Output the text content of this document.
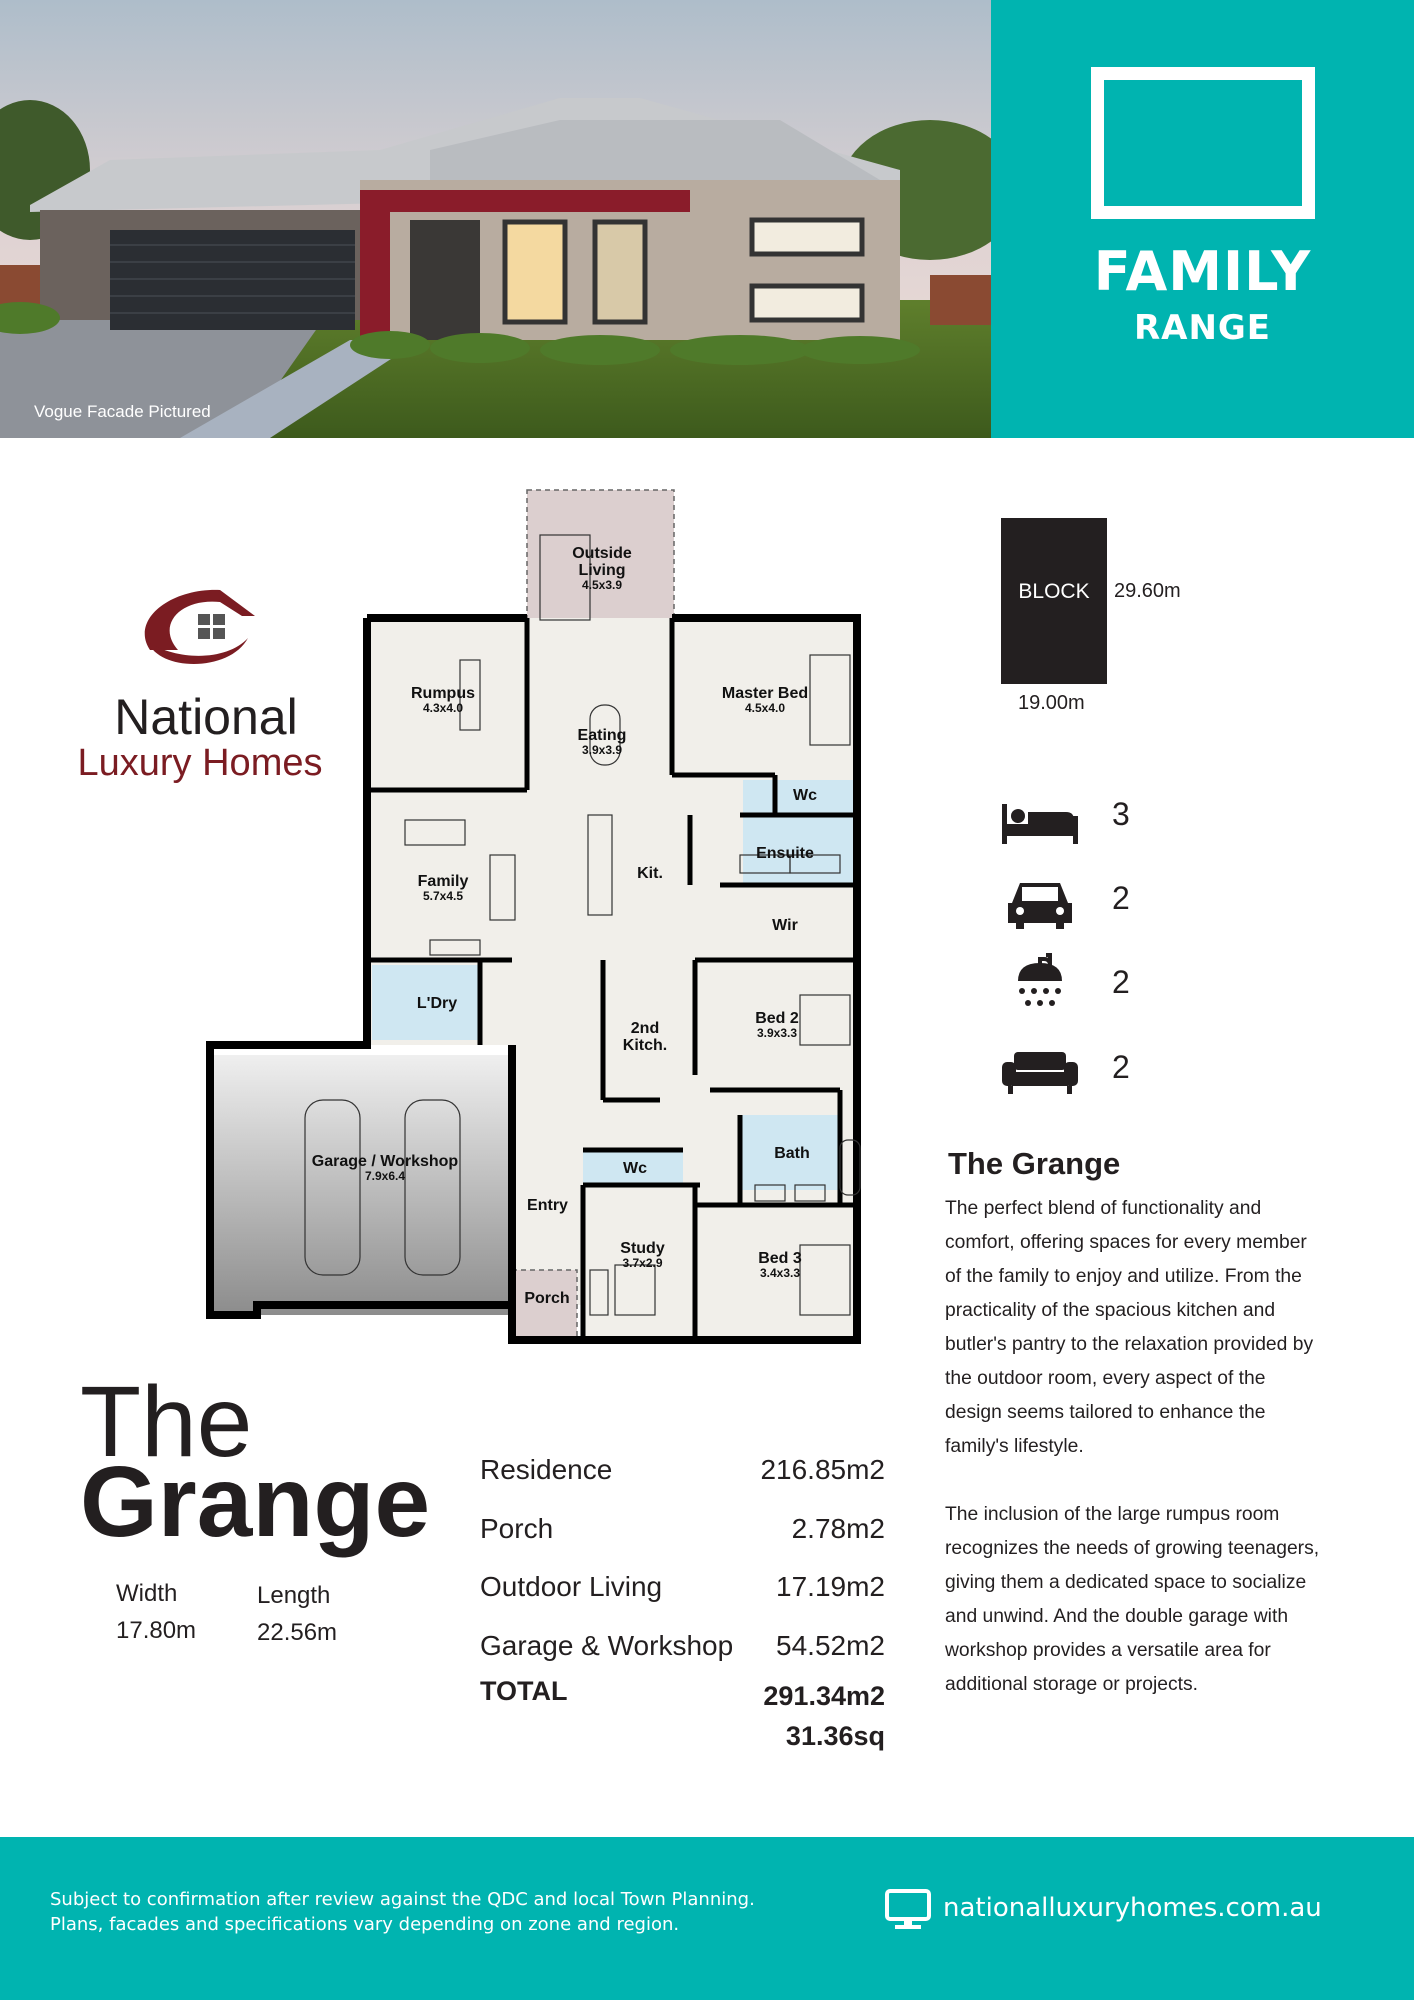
Vogue Facade Pictured
FAMILY
RANGE
National
Luxury Homes
Outside
Living
4.5x3.9
Rumpus
4.3x4.0
Eating
3.9x3.9
Master Bed
4.5x4.0
Wc
Ensuite
Kit.
Family
5.7x4.5
Wir
L'Dry
2nd
Kitch.
Bed 2
3.9x3.3
Garage / Workshop
7.9x6.4
Bath
Wc
Entry
Study
3.7x2.9	Bed 3
3.4x3.3
Porch
BLOCK	29.60m
19.00m
3
2
2
2
The Grange

The perfect blend of functionality and comfort, offering spaces for every member of the family to enjoy and utilize. From the practicality of the spacious kitchen and butler's pantry to the relaxation provided by the outdoor room, every aspect of the design seems tailored to enhance the family's lifestyle.

The inclusion of the large rumpus room recognizes the needs of growing teenagers, giving them a dedicated space to socialize and unwind. And the double garage with workshop provides a versatile area for additional storage or projects.

The
Grange
Width
17.80m
Length
22.56m
Residence	216.85m2
Porch	2.78m2
Outdoor Living	17.19m2
Garage & Workshop 54.52m2
TOTAL	291.34m2
31.36sq
Subject to confirmation after review against the QDC and local Town Planning.
Plans, facades and specifications vary depending on zone and region.
nationalluxuryhomes.com.au
